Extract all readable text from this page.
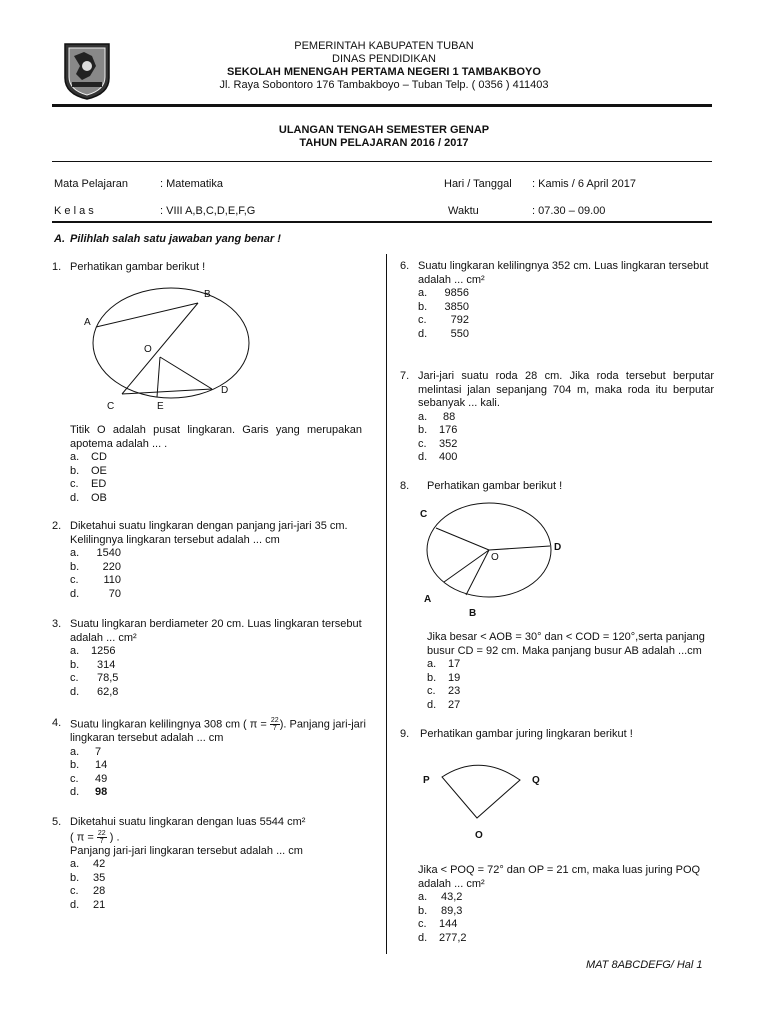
PEMERINTAH KABUPATEN TUBAN
DINAS PENDIDIKAN
SEKOLAH MENENGAH PERTAMA NEGERI 1 TAMBAKBOYO
Jl. Raya Sobontoro 176 Tambakboyo – Tuban Telp. ( 0356 ) 411403
ULANGAN TENGAH SEMESTER GENAP
TAHUN PELAJARAN 2016 / 2017
Mata Pelajaran	: Matematika	Hari / Tanggal : Kamis / 6 April 2017
K e l a s	: VIII A,B,C,D,E,F,G	Waktu	: 07.30 – 09.00
A. Pilihlah salah satu jawaban yang benar !
1. Perhatikan gambar berikut !
A
B
O
C	E
D
Titik O adalah pusat lingkaran. Garis yang merupakan apotema adalah ... .
a.	CD
b.	OE
c.	ED
d.	OB
2. Diketahui suatu lingkaran dengan panjang jari-jari 35 cm. Kelilingnya lingkaran tersebut adalah ... cm
a.	1540
b.	220
c.	110
d.	70
3. Suatu lingkaran berdiameter 20 cm. Luas lingkaran tersebut adalah ... cm²
a.	1256
b.	314
c.	78,5
d.	62,8
4. Suatu lingkaran kelilingnya 308 cm ( $\pi = \frac{22}{7}$ ). Panjang jari-jari lingkaran tersebut adalah ... cm
a.	7
b.	14
c.	49
d.	98
5. Diketahui suatu lingkaran dengan luas 5544 cm²
( $\pi = \frac{22}{7}$ ) .
Panjang jari-jari lingkaran tersebut adalah ... cm
a.	42
b.	35
c.	28
d.	21
6. Suatu lingkaran kelilingnya 352 cm. Luas lingkaran tersebut adalah ... cm²
a.	9856
b.	3850
c.	792
d.	550
7. Jari-jari suatu roda 28 cm. Jika roda tersebut berputar melintasi jalan sepanjang 704 m, maka roda itu berputar sebanyak ... kali.
a.	88
b.	176
c.	352
d.	400
8. Perhatikan gambar berikut !
C
D
O
A
B
Jika besar < AOB = 30° dan < COD = 120°,serta panjang busur CD = 92 cm. Maka panjang busur AB adalah ...cm
a.	17
b.	19
c.	23
d.	27
9. Perhatikan gambar juring lingkaran berikut !
P	Q
O
Jika < POQ = 72° dan OP = 21 cm, maka luas juring POQ adalah ... cm²
a.	43,2
b.	89,3
c.	144
d.	277,2
MAT 8ABCDEFG/ Hal 1
